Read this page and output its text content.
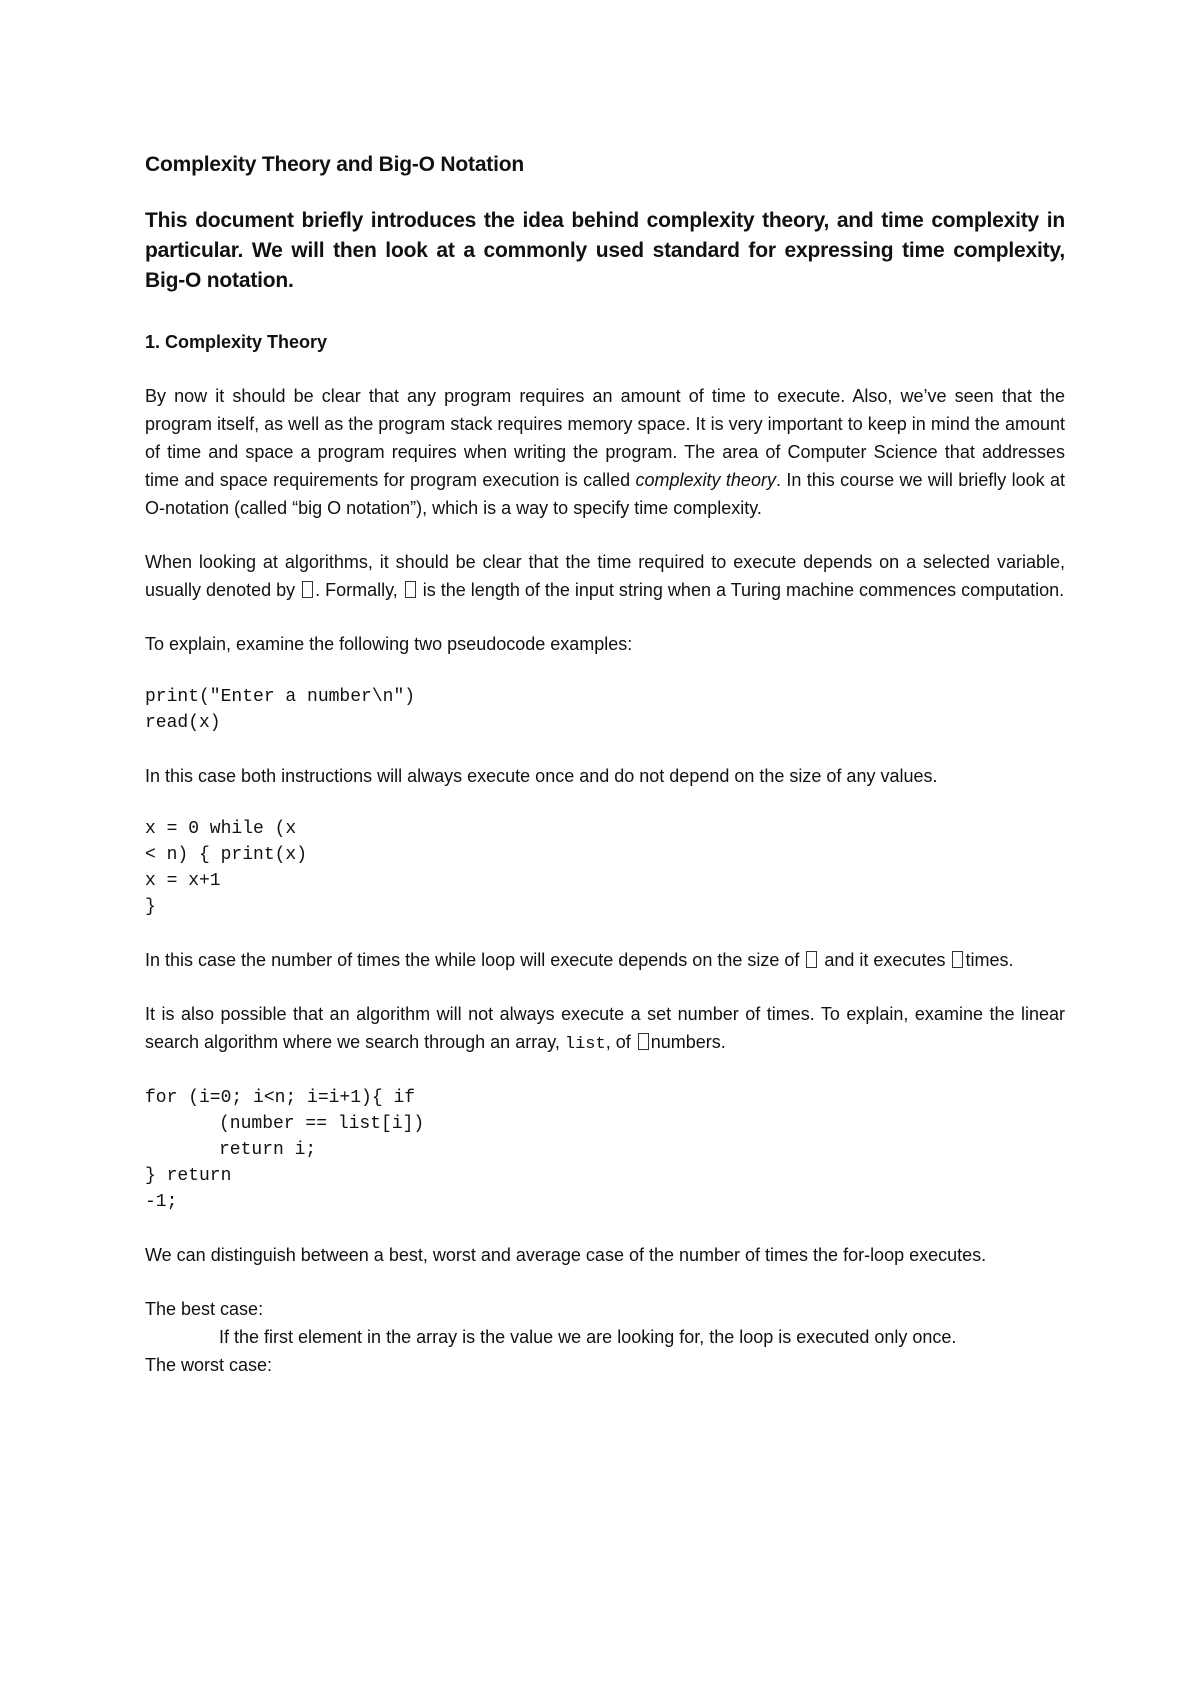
Complexity Theory and Big-O Notation
This document briefly introduces the idea behind complexity theory, and time complexity in particular. We will then look at a commonly used standard for expressing time complexity, Big-O notation.
1. Complexity Theory

By now it should be clear that any program requires an amount of time to execute. Also, we’ve seen that the program itself, as well as the program stack requires memory space. It is very important to keep in mind the amount of time and space a program requires when writing the program. The area of Computer Science that addresses time and space requirements for program execution is called complexity theory. In this course we will briefly look at O-notation (called “big O notation”), which is a way to specify time complexity.

When looking at algorithms, it should be clear that the time required to execute depends on a selected variable, usually denoted by . Formally,  is the length of the input string when a Turing machine commences computation.

To explain, examine the following two pseudocode examples:

print("Enter a number\n")
read(x)

In this case both instructions will always execute once and do not depend on the size of any values.

x = 0 while (x
< n) { print(x)
x = x+1
}

In this case the number of times the while loop will execute depends on the size of  and it executes times.

It is also possible that an algorithm will not always execute a set number of times. To explain, examine the linear search algorithm where we search through an array, list, of numbers.

for (i=0; i<n; i=i+1){ if
(number == list[i])
return i;
} return
-1;

We can distinguish between a best, worst and average case of the number of times the for-loop executes.

The best case:
If the first element in the array is the value we are looking for, the loop is executed only once.
The worst case:
